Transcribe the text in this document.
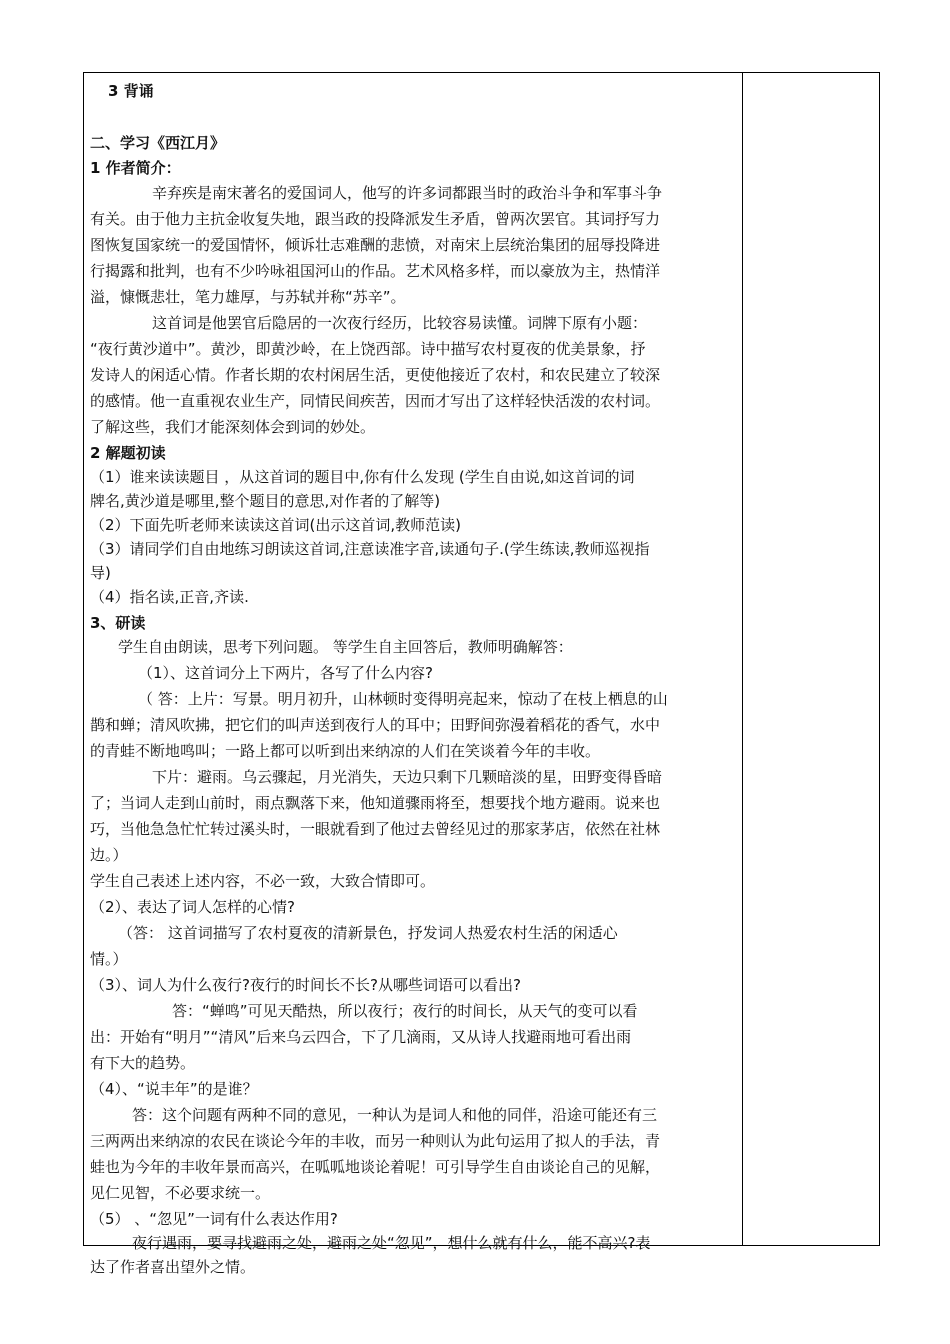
3 背诵
二、学习《西江月》
1 作者简介：
辛弃疾是南宋著名的爱国词人，他写的许多词都跟当时的政治斗争和军事斗争
有关。由于他力主抗金收复失地，跟当政的投降派发生矛盾，曾两次罢官。其词抒写力
图恢复国家统一的爱国情怀，倾诉壮志难酬的悲愤，对南宋上层统治集团的屈辱投降进
行揭露和批判，也有不少吟咏祖国河山的作品。艺术风格多样，而以豪放为主，热情洋
溢，慷慨悲壮，笔力雄厚，与苏轼并称“苏辛”。
这首词是他罢官后隐居的一次夜行经历，比较容易读懂。词牌下原有小题：
“夜行黄沙道中”。黄沙，即黄沙岭，在上饶西部。诗中描写农村夏夜的优美景象，抒
发诗人的闲适心情。作者长期的农村闲居生活，更使他接近了农村，和农民建立了较深
的感情。他一直重视农业生产，同情民间疾苦，因而才写出了这样轻快活泼的农村词。
了解这些，我们才能深刻体会到词的妙处。
2 解题初读
（1）谁来读读题目 ，从这首词的题目中,你有什么发现 (学生自由说,如这首词的词
牌名,黄沙道是哪里,整个题目的意思,对作者的了解等)
（2）下面先听老师来读读这首词(出示这首词,教师范读)
（3）请同学们自由地练习朗读这首词,注意读准字音,读通句子.(学生练读,教师巡视指
导)
（4）指名读,正音,齐读.
3、研读
学生自由朗读，思考下列问题。 等学生自主回答后，教师明确解答：
（1）、这首词分上下两片，各写了什么内容?
（ 答：上片：写景。明月初升，山林顿时变得明亮起来，惊动了在枝上栖息的山
鹊和蝉；清风吹拂，把它们的叫声送到夜行人的耳中；田野间弥漫着稻花的香气，水中
的青蛙不断地鸣叫；一路上都可以听到出来纳凉的人们在笑谈着今年的丰收。
下片：避雨。乌云骤起，月光消失，天边只剩下几颗暗淡的星，田野变得昏暗
了；当词人走到山前时，雨点飘落下来，他知道骤雨将至，想要找个地方避雨。说来也
巧，当他急急忙忙转过溪头时，一眼就看到了他过去曾经见过的那家茅店，依然在社林
边。）
学生自己表述上述内容，不必一致，大致合情即可。
（2）、表达了词人怎样的心情?
（答： 这首词描写了农村夏夜的清新景色，抒发词人热爱农村生活的闲适心
情。）
（3）、词人为什么夜行?夜行的时间长不长?从哪些词语可以看出?
答：“蝉鸣”可见天酷热，所以夜行；夜行的时间长，从天气的变可以看
出：开始有“明月”“清风”后来乌云四合，下了几滴雨，又从诗人找避雨地可看出雨
有下大的趋势。
（4）、“说丰年”的是谁？
答：这个问题有两种不同的意见，一种认为是词人和他的同伴，沿途可能还有三
三两两出来纳凉的农民在谈论今年的丰收，而另一种则认为此句运用了拟人的手法，青
蛙也为今年的丰收年景而高兴，在呱呱地谈论着呢！可引导学生自由谈论自己的见解，
见仁见智，不必要求统一。
（5） 、“忽见”一词有什么表达作用?
夜行遇雨，要寻找避雨之处，避雨之处“忽见”，想什么就有什么，能不高兴?表
达了作者喜出望外之情。
